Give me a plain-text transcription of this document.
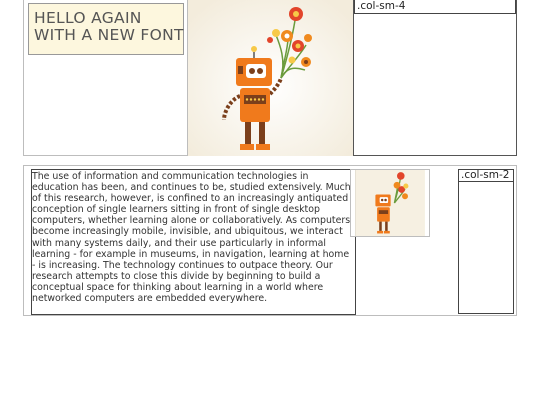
HELLO AGAIN
WITH A NEW FONT
.col-sm-4
The use of information and communication technologies in education has been, and continues to be, studied extensively. Much of this research, however, is confined to an increasingly antiquated conception of single learners sitting in front of single desktop computers, whether learning alone or collaboratively. As computers become increasingly mobile, invisible, and ubiquitous, we interact with many systems daily, and their use particularly in informal learning - for example in museums, in navigation, learning at home - is increasing. The technology continues to outpace theory. Our research attempts to close this divide by beginning to build a conceptual space for thinking about learning in a world where networked computers are embedded everywhere.
.col-sm-2
